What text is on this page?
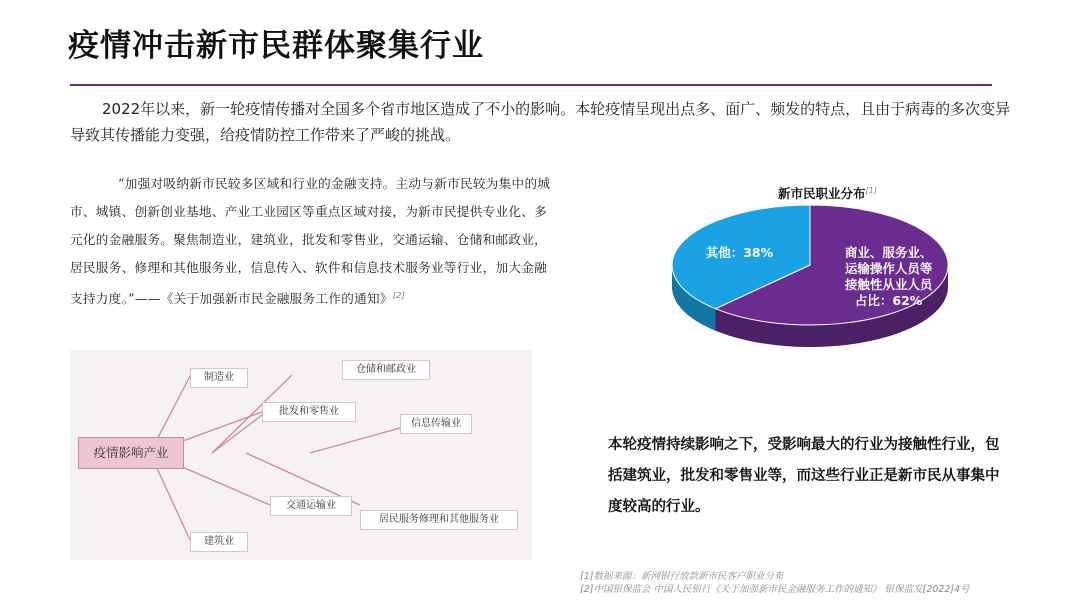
疫情冲击新市民群体聚集行业
2022年以来，新一轮疫情传播对全国多个省市地区造成了不小的影响。本轮疫情呈现出点多、面广、频发的特点，且由于病毒的多次变异导致其传播能力变强，给疫情防控工作带来了严峻的挑战。
“加强对吸纳新市民较多区域和行业的金融支持。主动与新市民较为集中的城市、城镇、创新创业基地、产业工业园区等重点区域对接，为新市民提供专业化、多元化的金融服务。聚焦制造业，建筑业，批发和零售业，交通运输、仓储和邮政业，居民服务、修理和其他服务业，信息传入、软件和信息技术服务业等行业，加大金融支持力度。”——《关于加强新市民金融服务工作的通知》[2]
疫情影响产业
制造业
批发和零售业
建筑业
交通运输业
仓储和邮政业
信息传输业
居民服务修理和其他服务业
新市民职业分布[1]
商业、服务业、
运输操作人员等
接触性从业人员
占比：62%
其他：38%
本轮疫情持续影响之下，受影响最大的行业为接触性行业，包括建筑业，批发和零售业等，而这些行业正是新市民从事集中度较高的行业。
[1]数据来源：新网银行放款新市民客户职业分布
[2]中国银保监会 中国人民银行《关于加强新市民金融服务工作的通知》 银保监发[2022]4号
